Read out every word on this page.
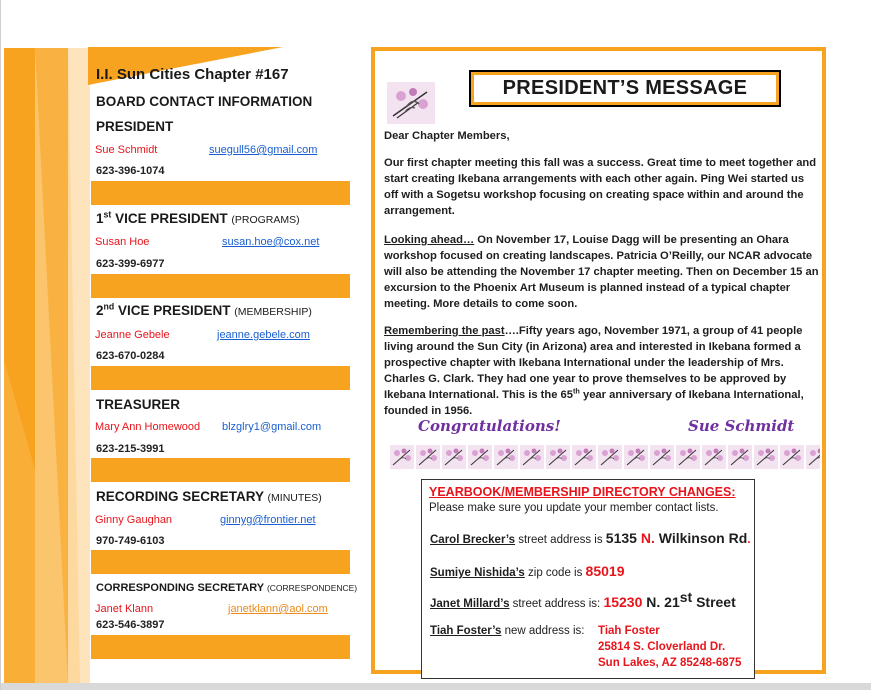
I.I. Sun Cities Chapter #167
BOARD CONTACT INFORMATION
PRESIDENT
Sue Schmidt	suegull56@gmail.com
623-396-1074
1st VICE PRESIDENT (PROGRAMS)
Susan Hoe	susan.hoe@cox.net
623-399-6977
2nd VICE PRESIDENT (MEMBERSHIP)
Jeanne Gebele	jeanne.gebele.com
623-670-0284
TREASURER
Mary Ann Homewood blzglry1@gmail.com
623-215-3991
RECORDING SECRETARY (MINUTES)
Ginny Gaughan	ginnyg@frontier.net
970-749-6103
CORRESPONDING SECRETARY (CORRESPONDENCE)
Janet Klann	janetklann@aol.com
623-546-3897
PRESIDENT’S MESSAGE
Dear Chapter Members,
Our first chapter meeting this fall was a success. Great time to meet together and start creating Ikebana arrangements with each other again. Ping Wei started us off with a Sogetsu workshop focusing on creating space within and around the arrangement.
Looking ahead… On November 17, Louise Dagg will be presenting an Ohara workshop focused on creating landscapes. Patricia O’Reilly, our NCAR advocate will also be attending the November 17 chapter meeting. Then on December 15 an excursion to the Phoenix Art Museum is planned instead of a typical chapter meeting. More details to come soon.
Remembering the past….Fifty years ago, November 1971, a group of 41 people living around the Sun City (in Arizona) area and interested in Ikebana formed a prospective chapter with Ikebana International under the leadership of Mrs. Charles G. Clark. They had one year to prove themselves to be approved by Ikebana International. This is the 65th year anniversary of Ikebana International, founded in 1956.
Congratulations!	Sue Schmidt
YEARBOOK/MEMBERSHIP DIRECTORY CHANGES:
Please make sure you update your member contact lists.
Carol Brecker’s street address is 5135 N. Wilkinson Rd.
Sumiye Nishida’s zip code is 85019
Janet Millard’s street address is: 15230 N. 21st Street
Tiah Foster’s new address is: Tiah Foster
25814 S. Cloverland Dr.
Sun Lakes, AZ 85248-6875
